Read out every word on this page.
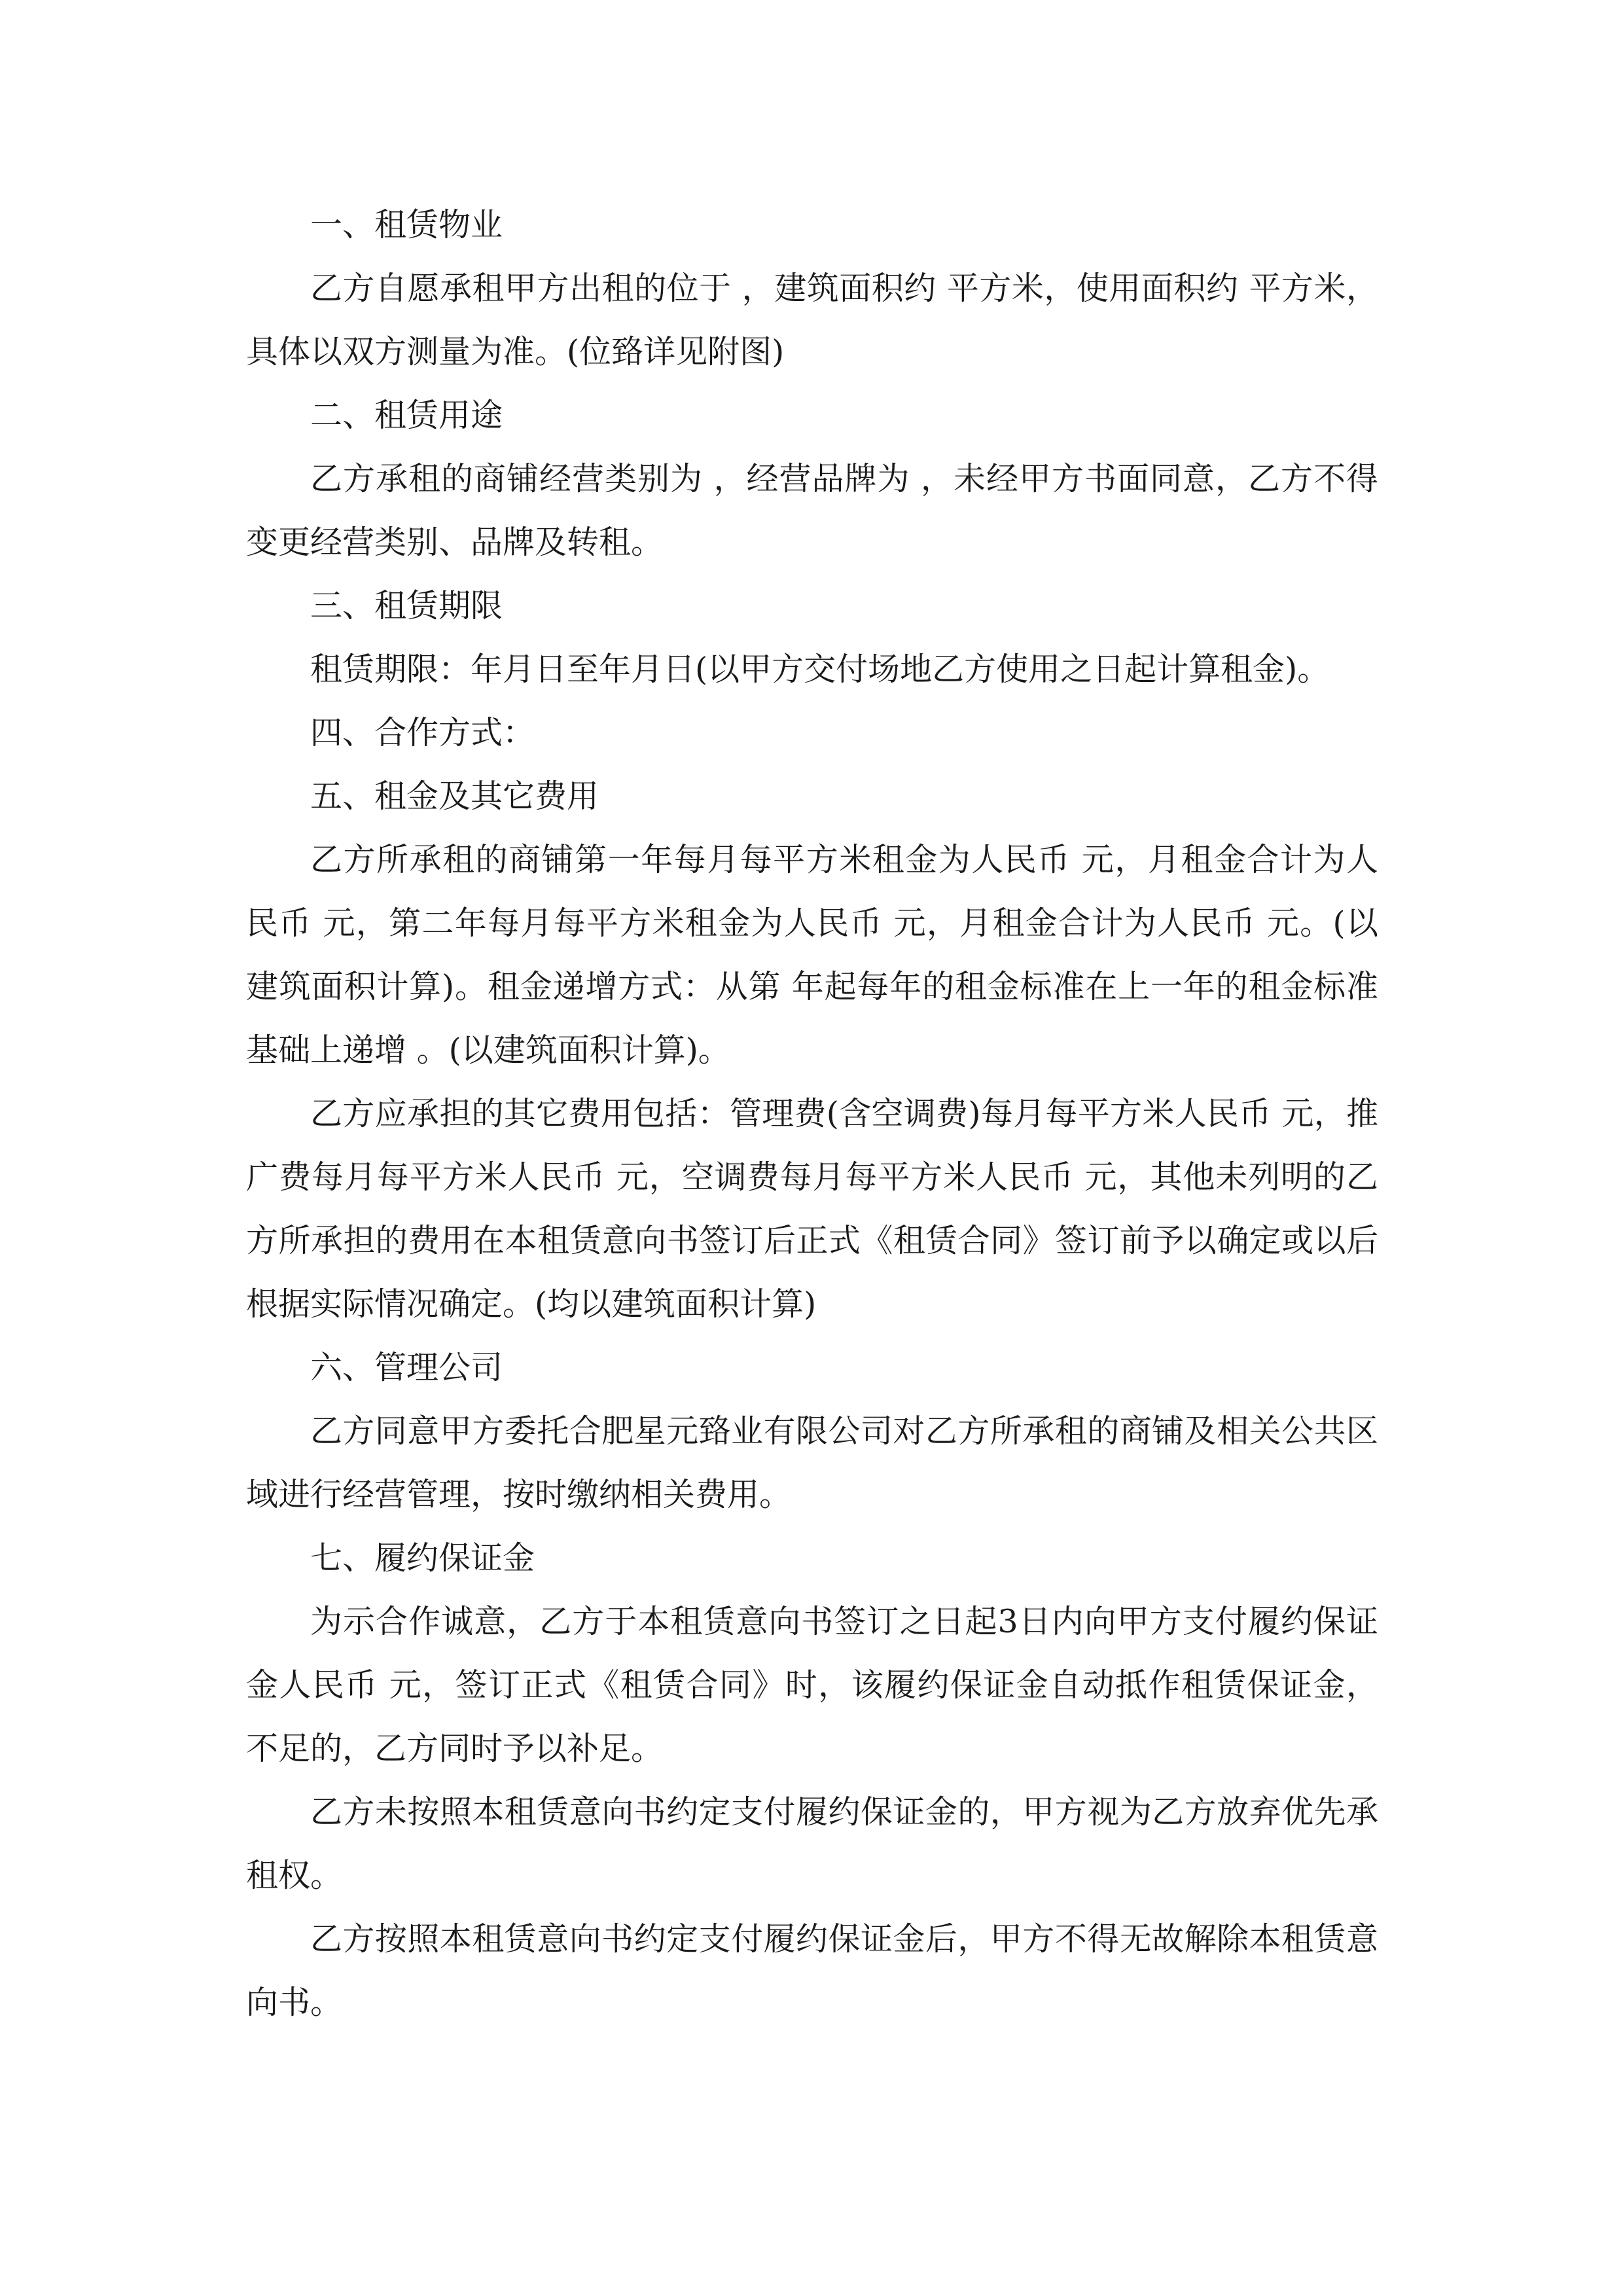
一、租赁物业

乙方自愿承租甲方出租的位于 ，建筑面积约 平方米，使用面积约 平方米，具体以双方测量为准。(位臵详见附图)

二、租赁用途

乙方承租的商铺经营类别为 ，经营品牌为 ，未经甲方书面同意，乙方不得变更经营类别、品牌及转租。

三、租赁期限

租赁期限：年月日至年月日(以甲方交付场地乙方使用之日起计算租金)。

四、合作方式：

五、租金及其它费用

乙方所承租的商铺第一年每月每平方米租金为人民币 元，月租金合计为人民币 元，第二年每月每平方米租金为人民币 元，月租金合计为人民币 元。(以建筑面积计算)。租金递增方式：从第 年起每年的租金标准在上一年的租金标准基础上递增 。(以建筑面积计算)。

乙方应承担的其它费用包括：管理费(含空调费)每月每平方米人民币 元，推广费每月每平方米人民币 元，空调费每月每平方米人民币 元，其他未列明的乙方所承担的费用在本租赁意向书签订后正式《租赁合同》签订前予以确定或以后根据实际情况确定。(均以建筑面积计算)

六、管理公司

乙方同意甲方委托合肥星元臵业有限公司对乙方所承租的商铺及相关公共区域进行经营管理，按时缴纳相关费用。

七、履约保证金

为示合作诚意，乙方于本租赁意向书签订之日起3日内向甲方支付履约保证金人民币 元，签订正式《租赁合同》时，该履约保证金自动抵作租赁保证金，不足的，乙方同时予以补足。

乙方未按照本租赁意向书约定支付履约保证金的，甲方视为乙方放弃优先承租权。

乙方按照本租赁意向书约定支付履约保证金后，甲方不得无故解除本租赁意向书。
